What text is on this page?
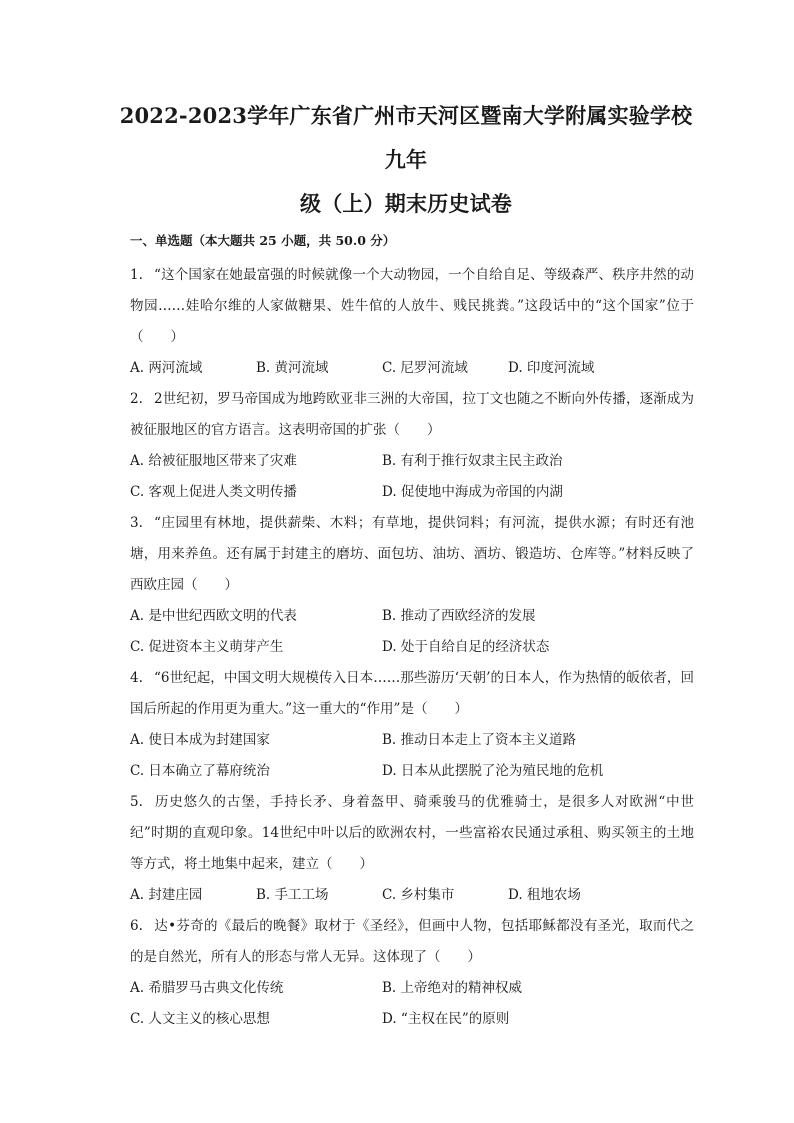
2022-2023学年广东省广州市天河区暨南大学附属实验学校九年
级（上）期末历史试卷
一、单选题（本大题共 25 小题，共 50.0 分）
1. “这个国家在她最富强的时候就像一个大动物园，一个自给自足、等级森严、秩序井然的动物园……娃哈尔维的人家做糖果、姓牛倌的人放牛、贱民挑粪。”这段话中的“这个国家”位于（　　）
A. 两河流域	B. 黄河流域	C. 尼罗河流域	D. 印度河流域
2. 2世纪初，罗马帝国成为地跨欧亚非三洲的大帝国，拉丁文也随之不断向外传播，逐渐成为被征服地区的官方语言。这表明帝国的扩张（　　）
A. 给被征服地区带来了灾难	B. 有利于推行奴隶主民主政治
C. 客观上促进人类文明传播	D. 促使地中海成为帝国的内湖
3. “庄园里有林地，提供薪柴、木料；有草地，提供饲料；有河流，提供水源；有时还有池塘，用来养鱼。还有属于封建主的磨坊、面包坊、油坊、酒坊、锻造坊、仓库等。”材料反映了西欧庄园（　　）
A. 是中世纪西欧文明的代表	B. 推动了西欧经济的发展
C. 促进资本主义萌芽产生	D. 处于自给自足的经济状态
4. “6世纪起，中国文明大规模传入日本……那些游历‘天朝’的日本人，作为热情的皈依者，回国后所起的作用更为重大。”这一重大的“作用”是（　　）
A. 使日本成为封建国家	B. 推动日本走上了资本主义道路
C. 日本确立了幕府统治	D. 日本从此摆脱了沦为殖民地的危机
5. 历史悠久的古堡，手持长矛、身着盔甲、骑乘骏马的优雅骑士，是很多人对欧洲“中世纪”时期的直观印象。14世纪中叶以后的欧洲农村，一些富裕农民通过承租、购买领主的土地等方式，将土地集中起来，建立（　　）
A. 封建庄园	B. 手工工场	C. 乡村集市	D. 租地农场
6. 达•芬奇的《最后的晚餐》取材于《圣经》，但画中人物，包括耶稣都没有圣光，取而代之的是自然光，所有人的形态与常人无异。这体现了（　　）
A. 希腊罗马古典文化传统	B. 上帝绝对的精神权威
C. 人文主义的核心思想	D. “主权在民”的原则
